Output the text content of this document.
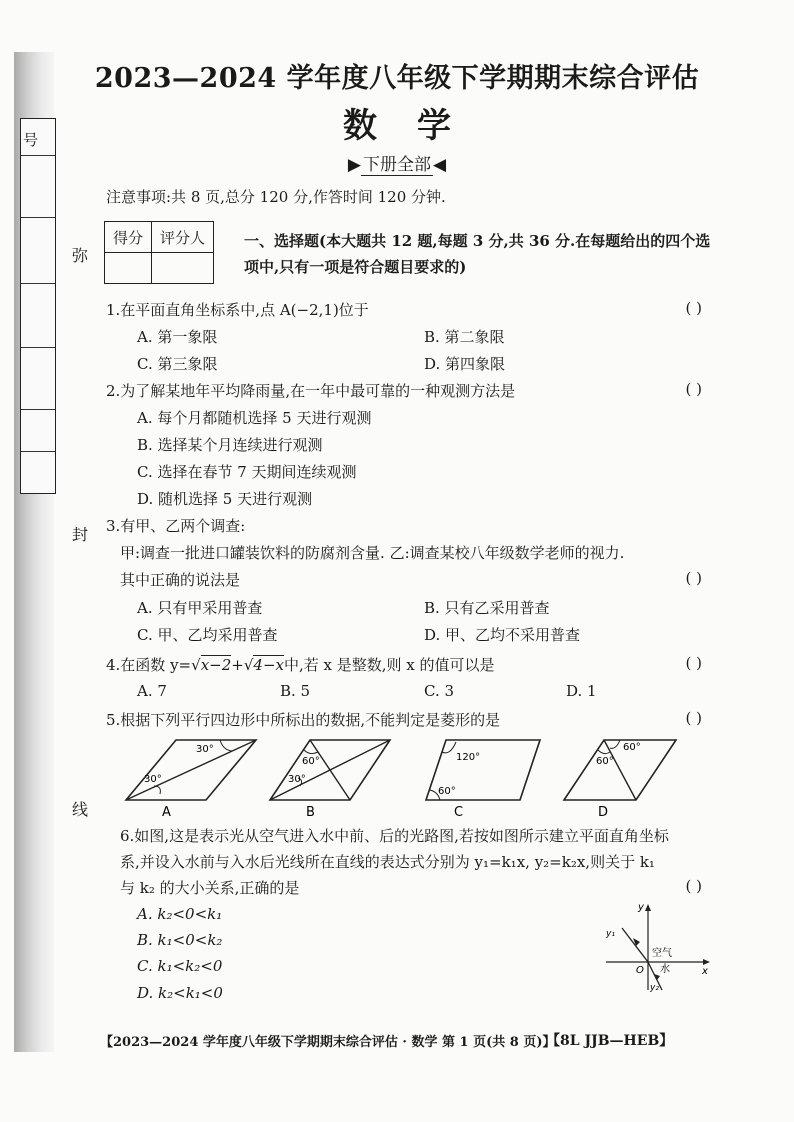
号
弥
封
线
2023—2024 学年度八年级下学期期末综合评估
数学
▶ 下册全部 ◀
注意事项:共 8 页,总分 120 分,作答时间 120 分钟.
得分	评分人
		一、选择题(本大题共 12 题,每题 3 分,共 36 分.在每题给出的四个选项中,只有一项是符合题目要求的)
1.在平面直角坐标系中,点 A(−2,1)位于	( )
A. 第一象限	B. 第二象限
C. 第三象限	D. 第四象限
2.为了解某地年平均降雨量,在一年中最可靠的一种观测方法是	( )
A. 每个月都随机选择 5 天进行观测
B. 选择某个月连续进行观测
C. 选择在春节 7 天期间连续观测
D. 随机选择 5 天进行观测
3.有甲、乙两个调查:
甲:调查一批进口罐装饮料的防腐剂含量. 乙:调查某校八年级数学老师的视力.
其中正确的说法是	( )
A. 只有甲采用普查	B. 只有乙采用普查
C. 甲、乙均采用普查	D. 甲、乙均不采用普查
4.在函数 y=√x−2+√4−x中,若 x 是整数,则 x 的值可以是	( )
A. 7	B. 5	C. 3	D. 1
5.根据下列平行四边形中所标出的数据,不能判定是菱形的是	( )
30°
30°
A
60°
30°
B
120°
60°
C
60°
60°
D
6.如图,这是表示光从空气进入水中前、后的光路图,若按如图所示建立平面直角坐标
系,并设入水前与入水后光线所在直线的表达式分别为 y₁=k₁x, y₂=k₂x,则关于 k₁
与 k₂ 的大小关系,正确的是	( )
A. k₂<0<k₁
B. k₁<0<k₂
C. k₁<k₂<0
D. k₂<k₁<0
y
x
O
y₁
y₂
空气
水
【2023—2024 学年度八年级下学期期末综合评估 · 数学 第 1 页(共 8 页)】
【8L JJB—HEB】
